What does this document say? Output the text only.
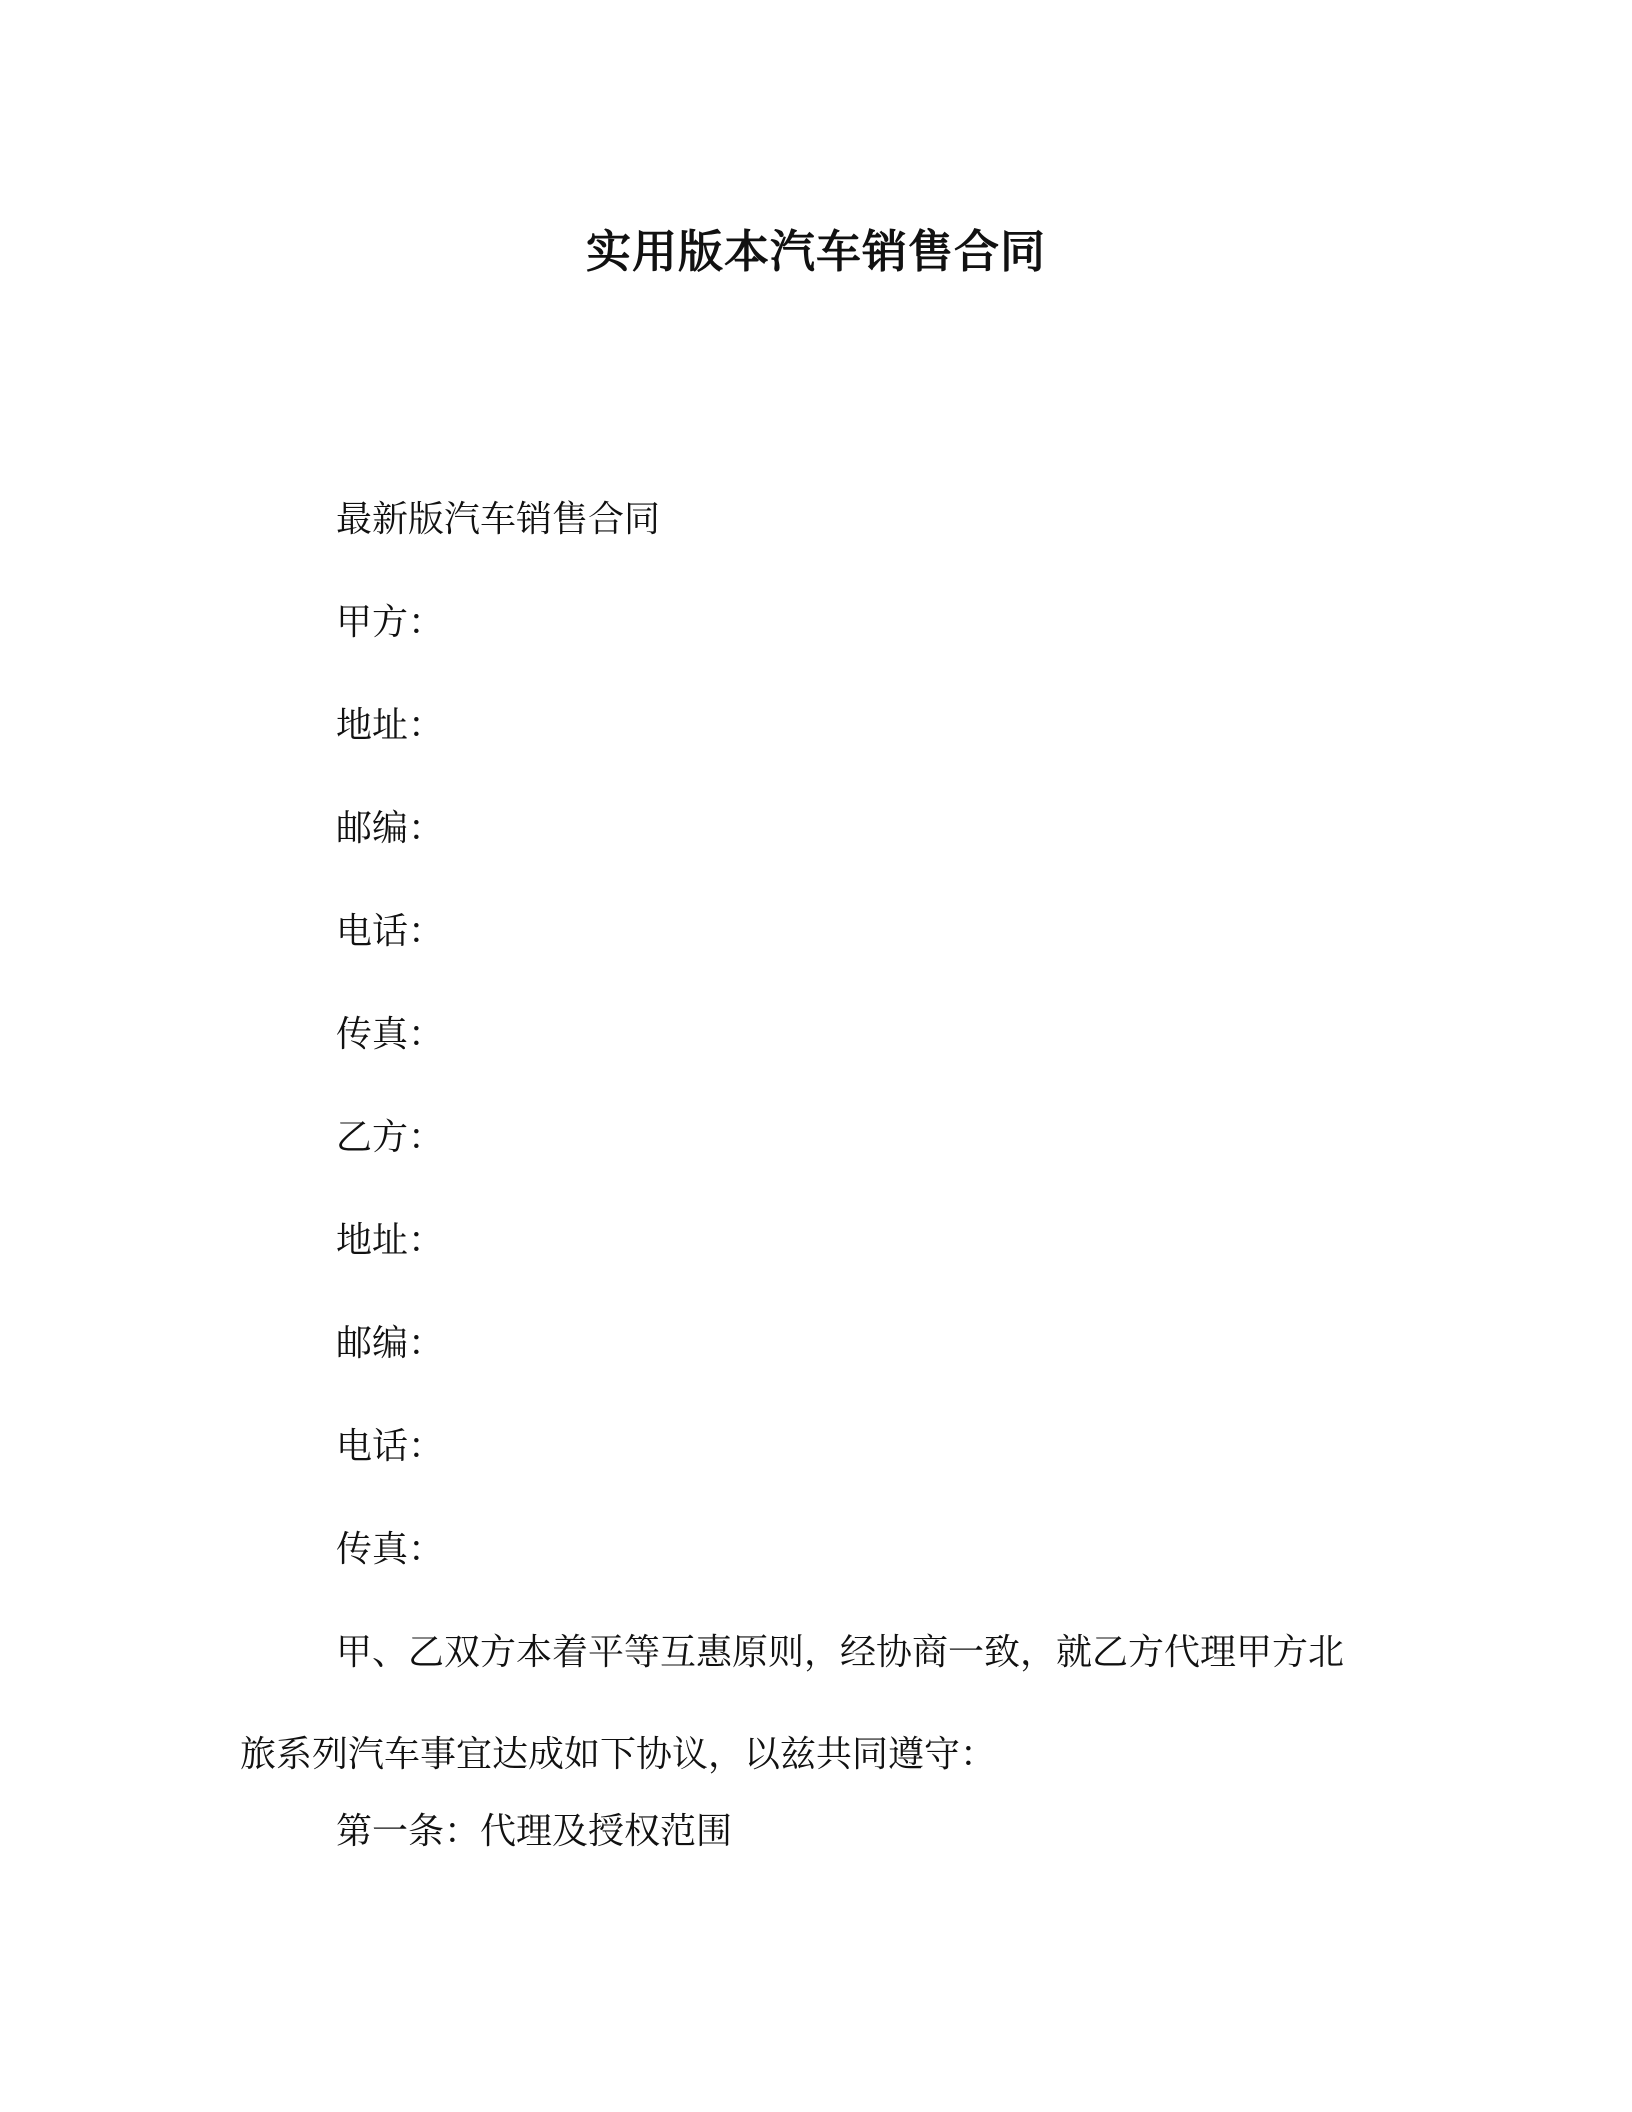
实用版本汽车销售合同
最新版汽车销售合同
甲方：
地址：
邮编：
电话：
传真：
乙方：
地址：
邮编：
电话：
传真：
甲、乙双方本着平等互惠原则，经协商一致，就乙方代理甲方北
旅系列汽车事宜达成如下协议，以兹共同遵守：
第一条：代理及授权范围
